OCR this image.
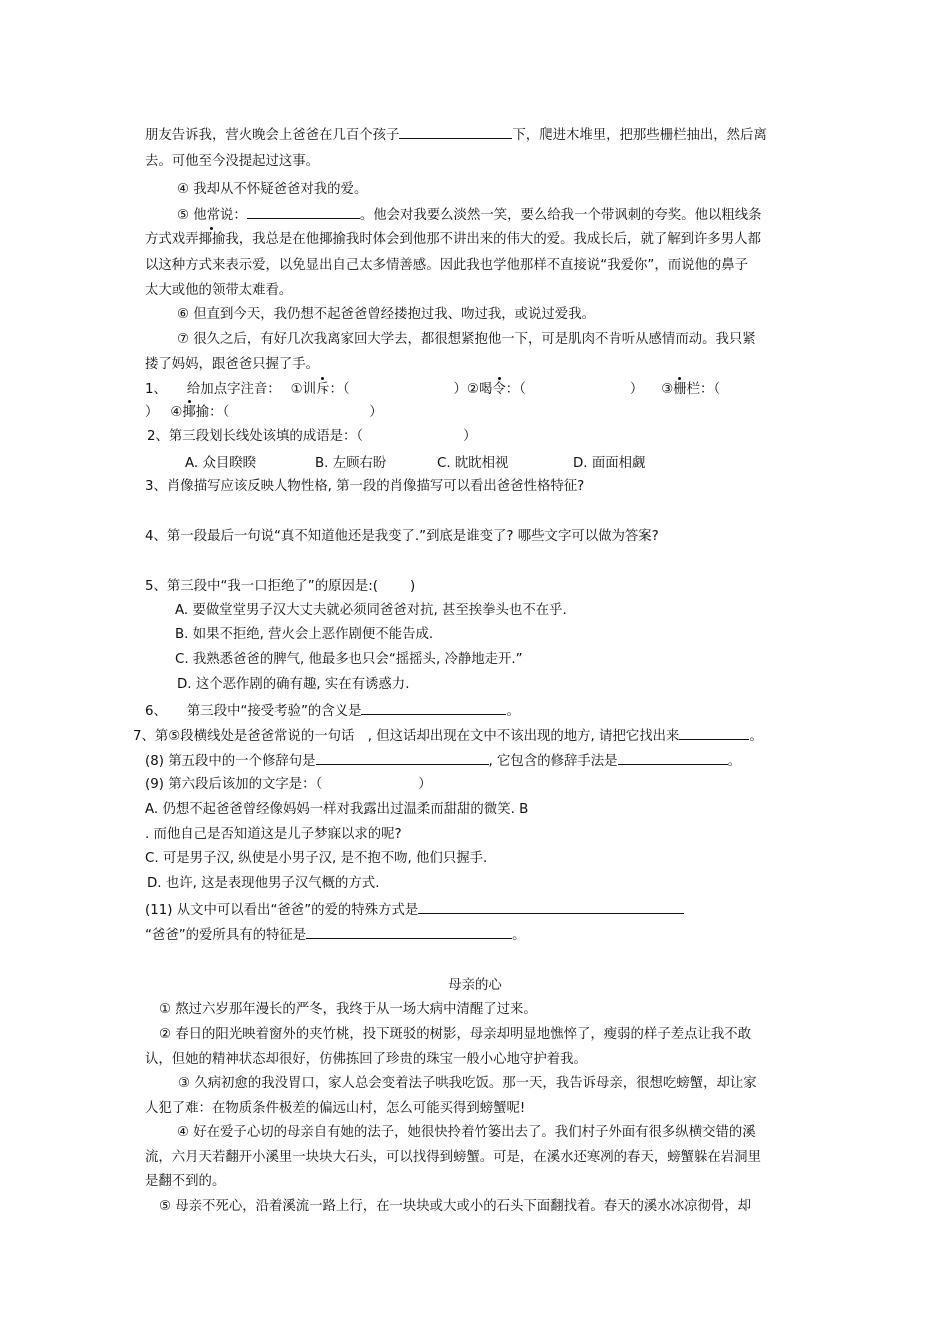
朋友告诉我，营火晚会上爸爸在几百个孩子	下，爬进木堆里，把那些栅栏抽出，然后离
去。可他至今没提起过这事。
④ 我却从不怀疑爸爸对我的爱。
⑤ 他常说：	。他会对我要么淡然一笑，要么给我一个带讽刺的夸奖。他以粗线条
方式戏弄揶揄我，我总是在他揶揄我时体会到他那不讲出来的伟大的爱。我成长后，就了解到许多男人都
以这种方式来表示爱，以免显出自己太多情善感。因此我也学他那样不直接说“我爱你”，而说他的鼻子
太大或他的领带太难看。
⑥ 但直到今天，我仍想不起爸爸曾经搂抱过我、吻过我，或说过爱我。
⑦ 很久之后，有好几次我离家回大学去，都很想紧抱他一下，可是肌肉不肯听从感情而动。我只紧
搂了妈妈，跟爸爸只握了手。
1、 给加点字注音： ①训斥：（	）②喝令：（	） ③栅栏：（
） ④揶揄：（	）
2、第三段划长线处该填的成语是：（	）
A. 众目睽睽	B. 左顾右盼	C. 眈眈相视	D. 面面相觑
3、肖像描写应该反映人物性格, 第一段的肖像描写可以看出爸爸性格特征?
4、第一段最后一句说“真不知道他还是我变了.”到底是谁变了? 哪些文字可以做为答案?
5、第三段中“我一口拒绝了”的原因是:( )
A. 要做堂堂男子汉大丈夫就必须同爸爸对抗, 甚至挨拳头也不在乎.
B. 如果不拒绝, 营火会上恶作剧便不能告成.
C. 我熟悉爸爸的脾气, 他最多也只会“摇摇头, 冷静地走开.”
D. 这个恶作剧的确有趣, 实在有诱惑力.
6、 第三段中“接受考验”的含义是	。
7、第⑤段横线处是爸爸常说的一句话　, 但这话却出现在文中不该出现的地方, 请把它找出来	。
(8) 第五段中的一个修辞句是	, 它包含的修辞手法是	。
(9) 第六段后该加的文字是：（	）
A. 仍想不起爸爸曾经像妈妈一样对我露出过温柔而甜甜的微笑. B
. 而他自己是否知道这是儿子梦寐以求的呢?
C. 可是男子汉, 纵使是小男子汉, 是不抱不吻, 他们只握手.
D. 也许, 这是表现他男子汉气概的方式.
(11) 从文中可以看出“爸爸”的爱的特殊方式是
“爸爸”的爱所具有的特征是	。
母亲的心
① 熬过六岁那年漫长的严冬，我终于从一场大病中清醒了过来。
② 春日的阳光映着窗外的夹竹桃，投下斑驳的树影，母亲却明显地憔悴了，瘦弱的样子差点让我不敢
认，但她的精神状态却很好，仿佛拣回了珍贵的珠宝一般小心地守护着我。
③ 久病初愈的我没胃口，家人总会变着法子哄我吃饭。那一天，我告诉母亲，很想吃螃蟹，却让家
人犯了难：在物质条件极差的偏远山村，怎么可能买得到螃蟹呢!
④ 好在爱子心切的母亲自有她的法子，她很快拎着竹篓出去了。我们村子外面有很多纵横交错的溪
流，六月天若翻开小溪里一块块大石头，可以找得到螃蟹。可是，在溪水还寒冽的春天，螃蟹躲在岩洞里
是翻不到的。
⑤ 母亲不死心，沿着溪流一路上行，在一块块或大或小的石头下面翻找着。春天的溪水冰凉彻骨，却
